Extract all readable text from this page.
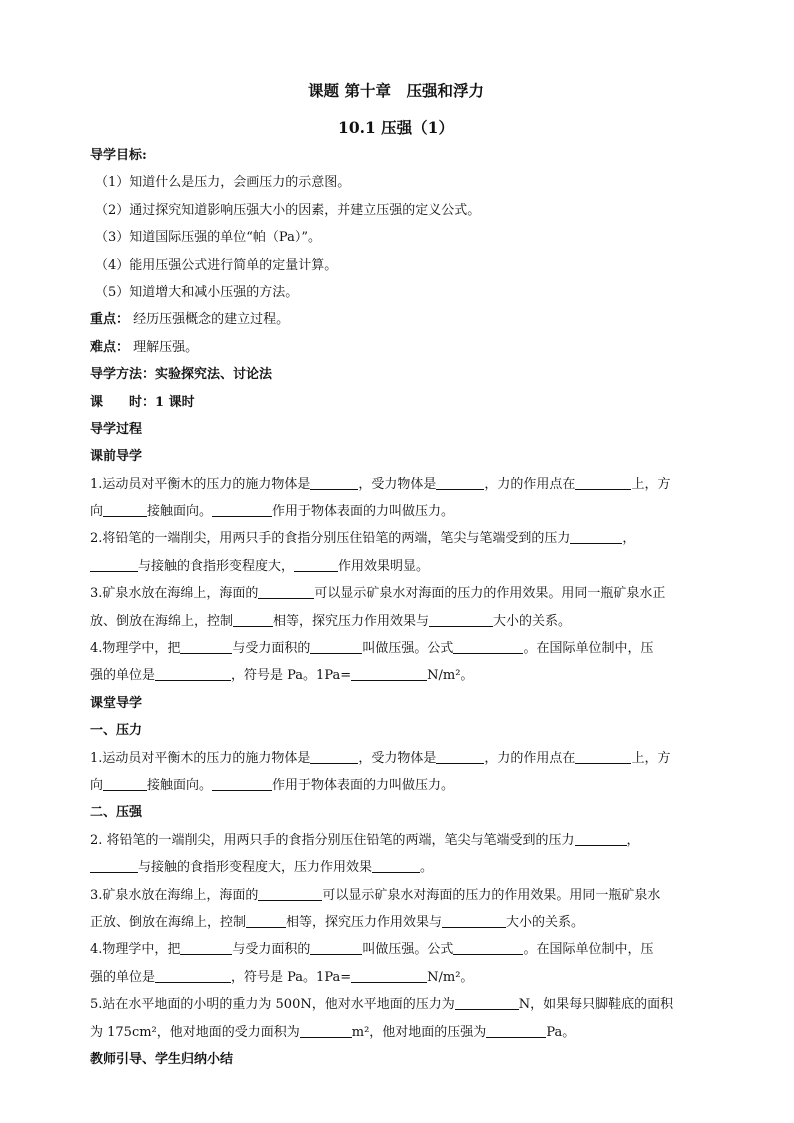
课题 第十章　压强和浮力
10.1 压强（1）
导学目标:
（1）知道什么是压力，会画压力的示意图。
（2）通过探究知道影响压强大小的因素，并建立压强的定义公式。
（3）知道国际压强的单位“帕（Pa）”。
（4）能用压强公式进行简单的定量计算。
（5）知道增大和减小压强的方法。
重点： 经历压强概念的建立过程。
难点： 理解压强。
导学方法：实验探究法、讨论法
课　　时：1 课时
导学过程
课前导学
1.运动员对平衡木的压力的施力物体是	，受力物体是	，力的作用点在	上，方
向	接触面向。	作用于物体表面的力叫做压力。
2.将铅笔的一端削尖，用两只手的食指分别压住铅笔的两端，笔尖与笔端受到的压力	，
与接触的食指形变程度大，	作用效果明显。
3.矿泉水放在海绵上，海面的	可以显示矿泉水对海面的压力的作用效果。用同一瓶矿泉水正
放、倒放在海绵上，控制	相等，探究压力作用效果与	大小的关系。
4.物理学中，把	与受力面积的	叫做压强。公式	。在国际单位制中，压
强的单位是	，符号是 Pa。1Pa=	N/m²。
课堂导学
一、压力
1.运动员对平衡木的压力的施力物体是	，受力物体是	，力的作用点在	上，方
向	接触面向。	作用于物体表面的力叫做压力。
二、压强
2. 将铅笔的一端削尖，用两只手的食指分别压住铅笔的两端，笔尖与笔端受到的压力	，
与接触的食指形变程度大，压力作用效果	。
3.矿泉水放在海绵上，海面的	可以显示矿泉水对海面的压力的作用效果。用同一瓶矿泉水
正放、倒放在海绵上，控制	相等，探究压力作用效果与	大小的关系。
4.物理学中，把	与受力面积的	叫做压强。公式	。在国际单位制中，压
强的单位是	，符号是 Pa。1Pa=	N/m²。
5.站在水平地面的小明的重力为 500N，他对水平地面的压力为	N，如果每只脚鞋底的面积
为 175cm²，他对地面的受力面积为	m²，他对地面的压强为	Pa。
教师引导、学生归纳小结
